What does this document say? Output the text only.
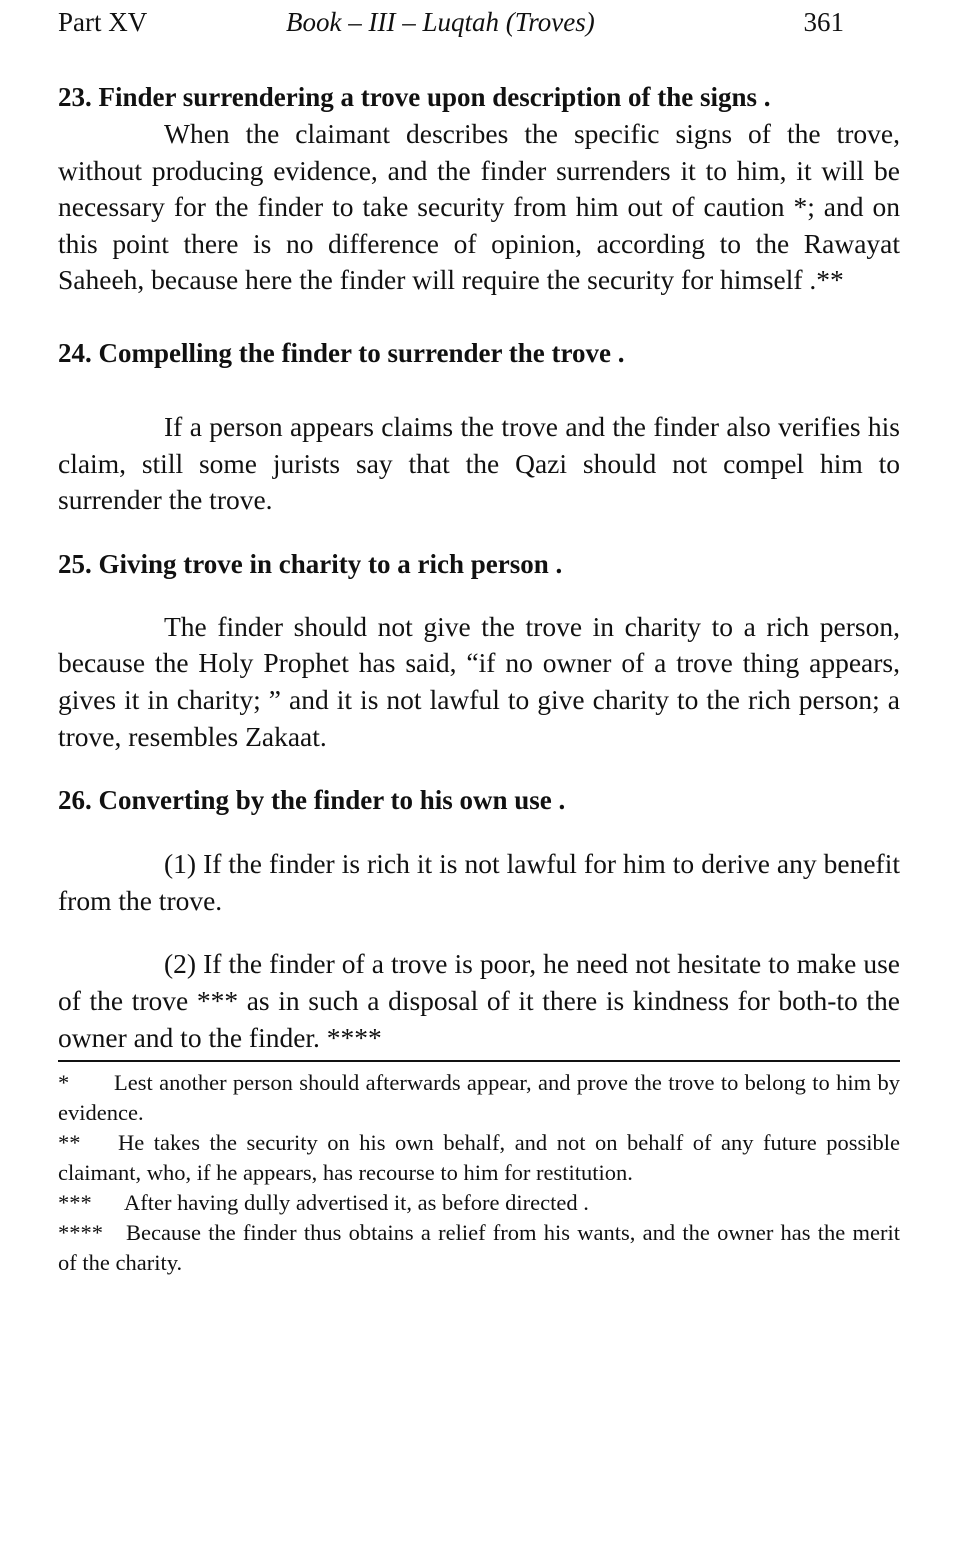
Part XV	Book – III – Luqtah (Troves)	361

23. Finder surrendering a trove upon description of the signs .

When the claimant describes the specific signs of the trove, without producing evidence, and the finder surrenders it to him, it will be necessary for the finder to take security from him out of caution *; and on this point there is no difference of opinion, according to the Rawayat Saheeh, because here the finder will require the security for himself .**

24. Compelling the finder to surrender the trove .

If a person appears claims the trove and the finder also verifies his claim, still some jurists say that the Qazi should not compel him to surrender the trove.

25. Giving trove in charity to a rich person .

The finder should not give the trove in charity to a rich person, because the Holy Prophet has said, “if no owner of a trove thing appears, gives it in charity; ” and it is not lawful to give charity to the rich person; a trove, resembles Zakaat.

26. Converting by the finder to his own use .

(1) If the finder is rich it is not lawful for him to derive any benefit from the trove.

(2) If the finder of a trove is poor, he need not hesitate to make use of the trove *** as in such a disposal of it there is kindness for both-to the owner and to the finder. ****

* Lest another person should afterwards appear, and prove the trove to belong to him by evidence.

** He takes the security on his own behalf, and not on behalf of any future possible claimant, who, if he appears, has recourse to him for restitution.

*** After having dully advertised it, as before directed .

**** Because the finder thus obtains a relief from his wants, and the owner has the merit of the charity.
